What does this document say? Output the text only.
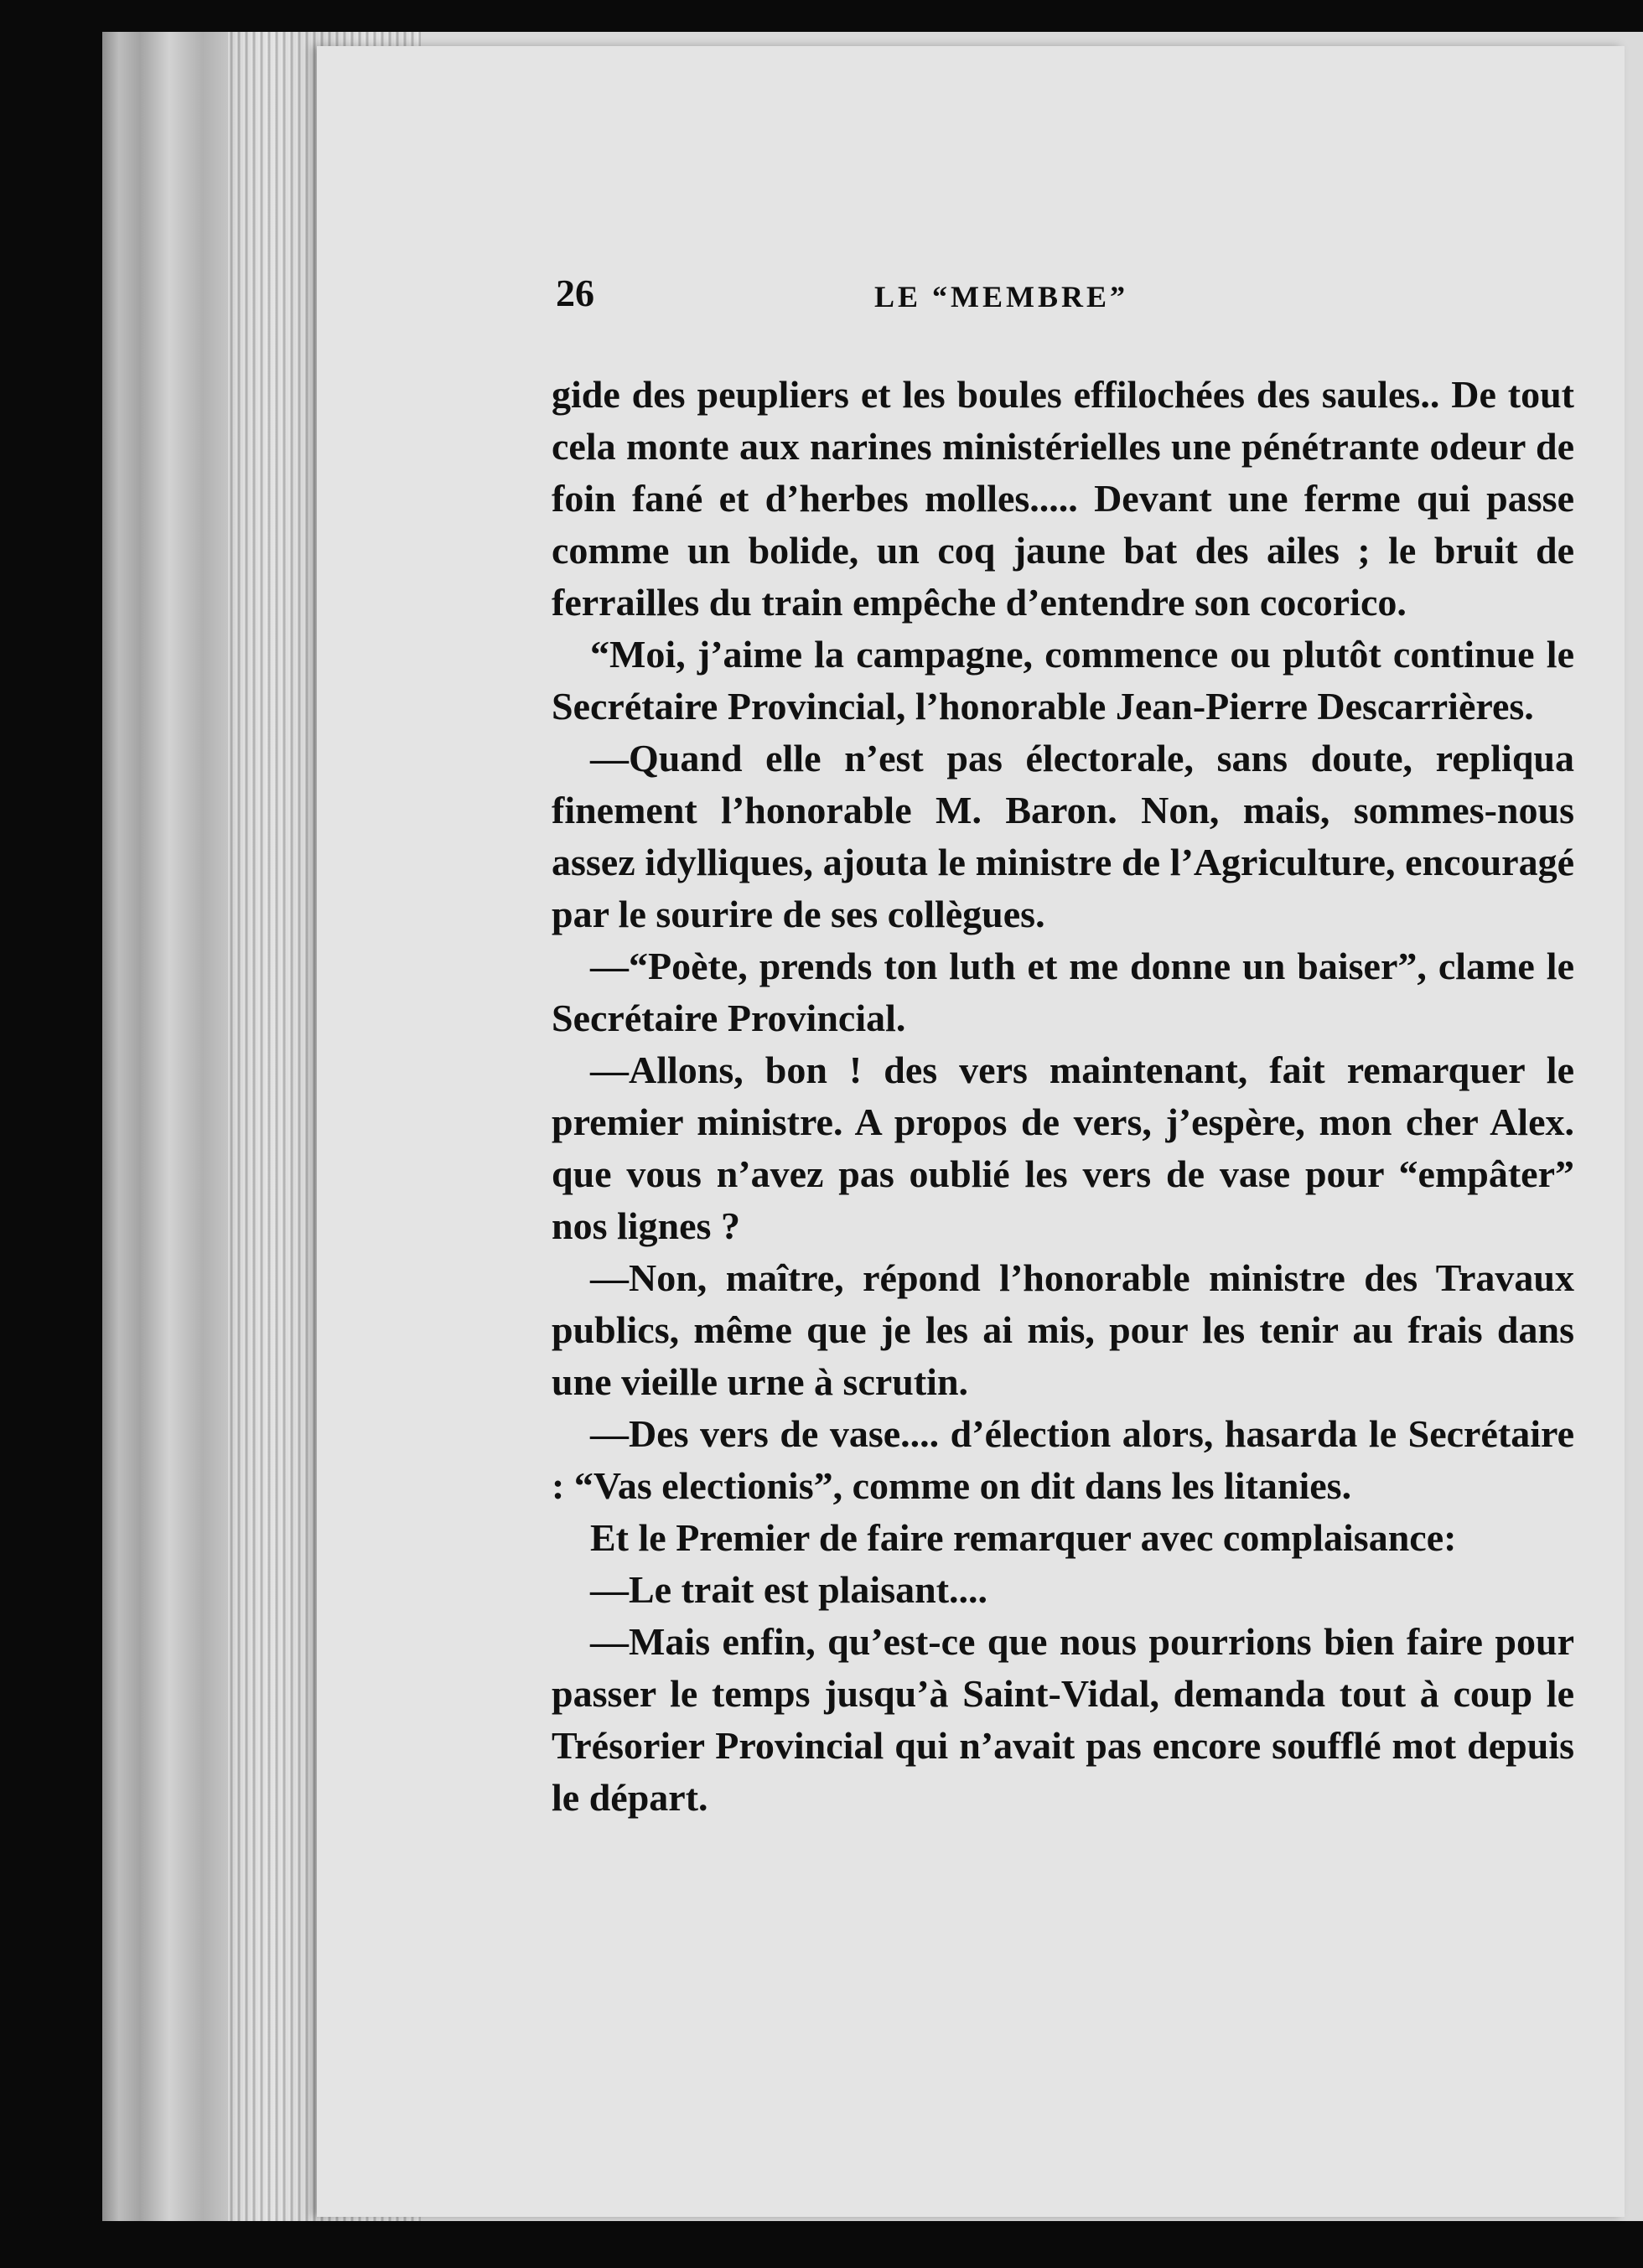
26	LE “MEMBRE”

gide des peupliers et les boules effilochées des saules.. De tout cela monte aux narines ministérielles une pénétrante odeur de foin fané et d’herbes molles..... Devant une ferme qui passe comme un bolide, un coq jaune bat des ailes ; le bruit de ferrailles du train empêche d’entendre son cocorico.

“Moi, j’aime la campagne, commence ou plutôt continue le Secrétaire Provincial, l’honorable Jean-Pierre Descarrières.

—Quand elle n’est pas électorale, sans doute, repliqua finement l’honorable M. Baron. Non, mais, sommes-nous assez idylliques, ajouta le ministre de l’Agriculture, encouragé par le sourire de ses collègues.

—“Poète, prends ton luth et me donne un baiser”, clame le Secrétaire Provincial.

—Allons, bon ! des vers maintenant, fait remarquer le premier ministre. A propos de vers, j’espère, mon cher Alex. que vous n’avez pas oublié les vers de vase pour “empâter” nos lignes ?

—Non, maître, répond l’honorable ministre des Travaux publics, même que je les ai mis, pour les tenir au frais dans une vieille urne à scrutin.

—Des vers de vase.... d’élection alors, hasarda le Secrétaire : “Vas electionis”, comme on dit dans les litanies.

Et le Premier de faire remarquer avec complaisance:

—Le trait est plaisant....

—Mais enfin, qu’est-ce que nous pourrions bien faire pour passer le temps jusqu’à Saint-Vidal, demanda tout à coup le Trésorier Provincial qui n’avait pas encore soufflé mot depuis le départ.
